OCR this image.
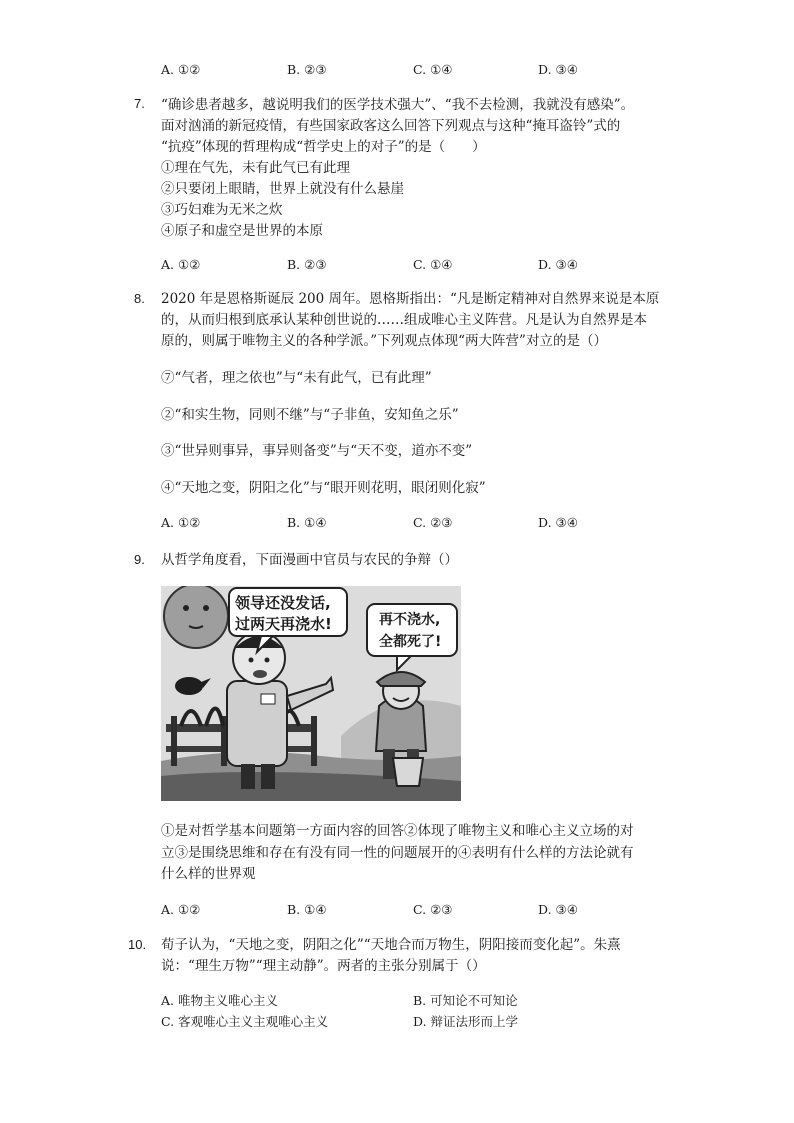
A. ①②	B. ②③	C. ①④	D. ③④
7. “确诊患者越多，越说明我们的医学技术强大”、“我不去检测，我就没有感染”。
面对汹涌的新冠疫情，有些国家政客这么回答下列观点与这种“掩耳盗铃”式的
“抗疫”体现的哲理构成“哲学史上的对子”的是（　　）
①理在气先，未有此气已有此理
②只要闭上眼睛，世界上就没有什么悬崖
③巧妇难为无米之炊
④原子和虚空是世界的本原
A. ①②	B. ②③	C. ①④	D. ③④
8. 2020 年是恩格斯诞辰 200 周年。恩格斯指出：“凡是断定精神对自然界来说是本原
的，从而归根到底承认某种创世说的……组成唯心主义阵营。凡是认为自然界是本
原的，则属于唯物主义的各种学派。”下列观点体现“两大阵营”对立的是（）
⑦“气者，理之依也”与“未有此气，已有此理”
②“和实生物，同则不继”与“子非鱼，安知鱼之乐”
③“世异则事异，事异则备变”与“天不变，道亦不变”
④“天地之变，阴阳之化”与“眼开则花明，眼闭则化寂”
A. ①②	B. ①④	C. ②③	D. ③④
9. 从哲学角度看，下面漫画中官员与农民的争辩（）
领导还没发话,
过两天再浇水!	再不浇水,
全都死了!
①是对哲学基本问题第一方面内容的回答②体现了唯物主义和唯心主义立场的对
立③是围绕思维和存在有没有同一性的问题展开的④表明有什么样的方法论就有
什么样的世界观
A. ①②	B. ①④	C. ②③	D. ③④
10. 荀子认为，“天地之变，阴阳之化”“天地合而万物生，阴阳接而变化起”。朱熹
说：“理生万物”“理主动静”。两者的主张分别属于（）
A. 唯物主义唯心主义	B. 可知论不可知论
C. 客观唯心主义主观唯心主义	D. 辩证法形而上学
